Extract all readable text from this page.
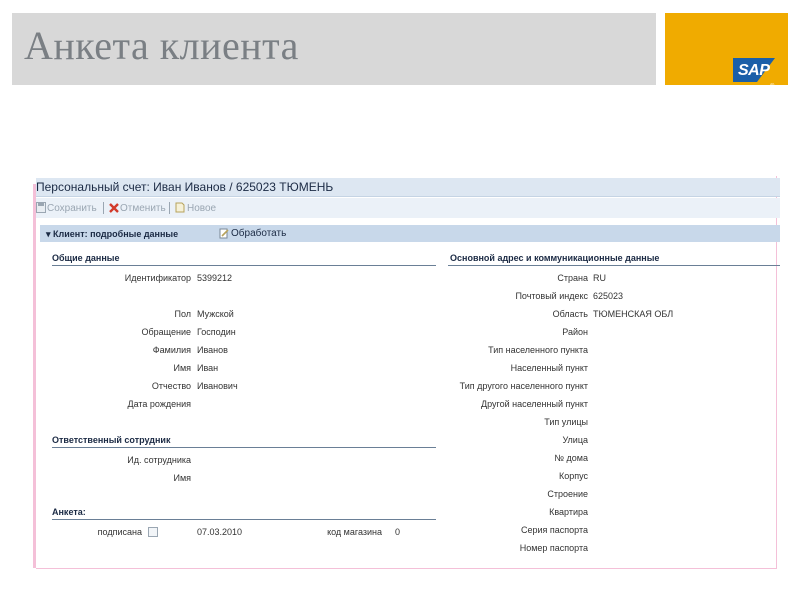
Анкета клиента
SAP
®
Персональный счет: Иван Иванов / 625023 ТЮМЕНЬ
Сохранить Отменить Новое
▾ Клиент: подробные данные	Обработать
Общие данные
Идентификатор 5399212
Пол Мужской
Обращение Господин
Фамилия Иванов
Имя Иван
Отчество Иванович
Дата рождения
Ответственный сотрудник
Ид. сотрудника
Имя
Анкета:
подписана	07.03.2010	код магазина 0
Основной адрес и коммуникационные данные
Страна RU
Почтовый индекс 625023
Область ТЮМЕНСКАЯ ОБЛ
Район
Тип населенного пункта
Населенный пункт
Тип другого населенного пункт
Другой населенный пункт
Тип улицы
Улица
№ дома
Корпус
Строение
Квартира
Серия паспорта
Номер паспорта
